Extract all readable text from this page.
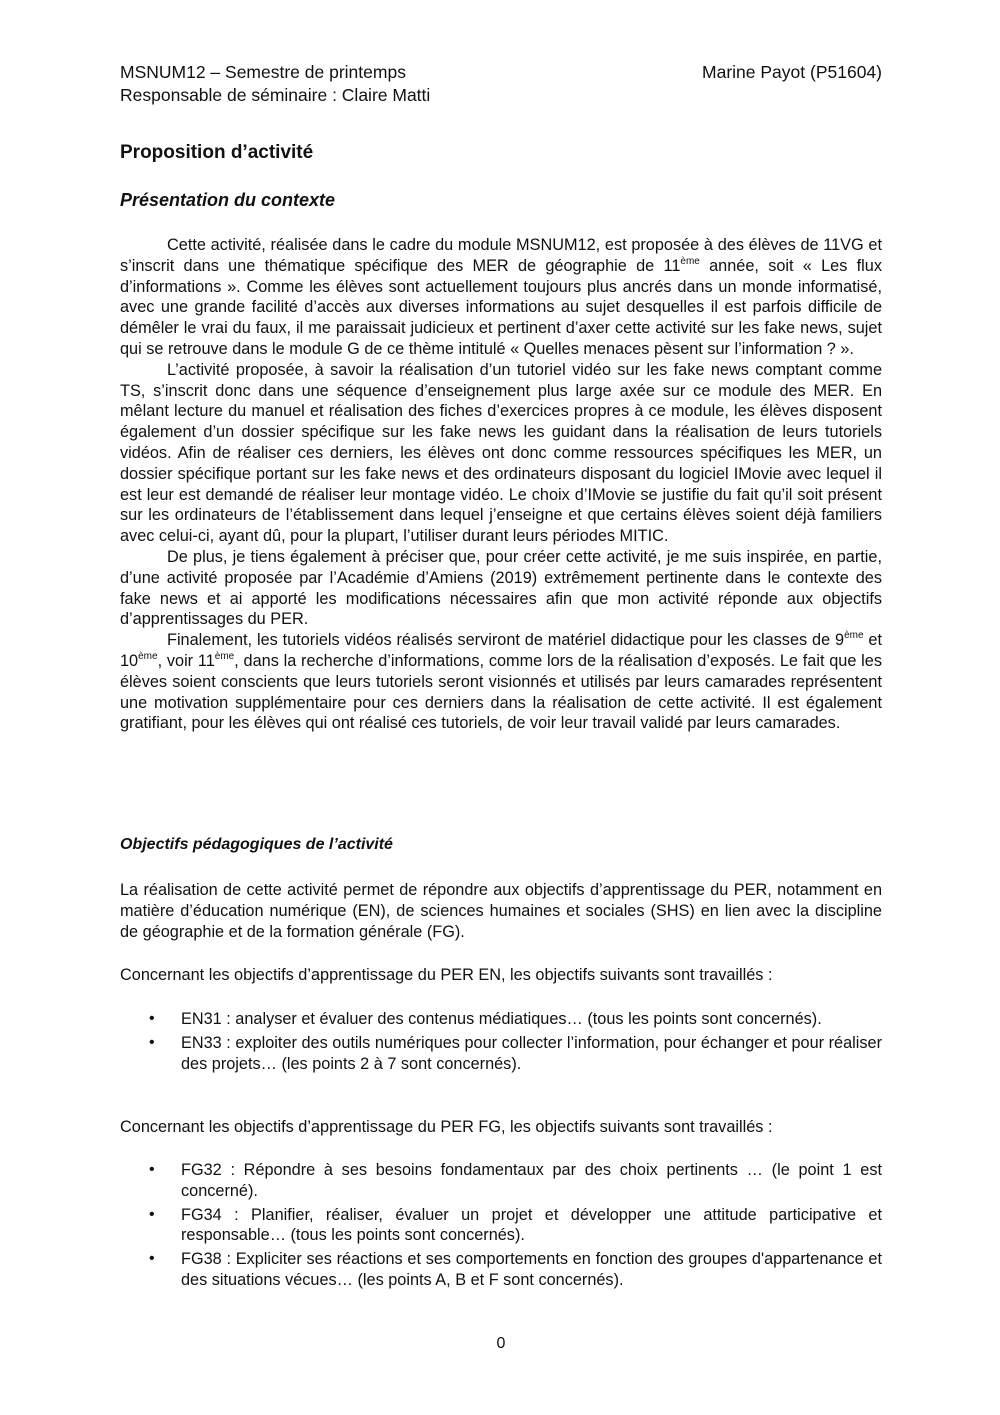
MSNUM12 – Semestre de printemps
Responsable de séminaire : Claire Matti
Marine Payot (P51604)
Proposition d’activité
Présentation du contexte

Cette activité, réalisée dans le cadre du module MSNUM12, est proposée à des élèves de 11VG et s’inscrit dans une thématique spécifique des MER de géographie de 11ème année, soit « Les flux d’informations ». Comme les élèves sont actuellement toujours plus ancrés dans un monde informatisé, avec une grande facilité d’accès aux diverses informations au sujet desquelles il est parfois difficile de démêler le vrai du faux, il me paraissait judicieux et pertinent d’axer cette activité sur les fake news, sujet qui se retrouve dans le module G de ce thème intitulé « Quelles menaces pèsent sur l’information ? ».

L’activité proposée, à savoir la réalisation d’un tutoriel vidéo sur les fake news comptant comme TS, s’inscrit donc dans une séquence d’enseignement plus large axée sur ce module des MER. En mêlant lecture du manuel et réalisation des fiches d’exercices propres à ce module, les élèves disposent également d’un dossier spécifique sur les fake news les guidant dans la réalisation de leurs tutoriels vidéos. Afin de réaliser ces derniers, les élèves ont donc comme ressources spécifiques les MER, un dossier spécifique portant sur les fake news et des ordinateurs disposant du logiciel IMovie avec lequel il est leur est demandé de réaliser leur montage vidéo. Le choix d’IMovie se justifie du fait qu’il soit présent sur les ordinateurs de l’établissement dans lequel j’enseigne et que certains élèves soient déjà familiers avec celui-ci, ayant dû, pour la plupart, l’utiliser durant leurs périodes MITIC.

De plus, je tiens également à préciser que, pour créer cette activité, je me suis inspirée, en partie, d’une activité proposée par l’Académie d’Amiens (2019) extrêmement pertinente dans le contexte des fake news et ai apporté les modifications nécessaires afin que mon activité réponde aux objectifs d’apprentissages du PER.

Finalement, les tutoriels vidéos réalisés serviront de matériel didactique pour les classes de 9ème et 10ème, voir 11ème, dans la recherche d’informations, comme lors de la réalisation d’exposés. Le fait que les élèves soient conscients que leurs tutoriels seront visionnés et utilisés par leurs camarades représentent une motivation supplémentaire pour ces derniers dans la réalisation de cette activité. Il est également gratifiant, pour les élèves qui ont réalisé ces tutoriels, de voir leur travail validé par leurs camarades.

Objectifs pédagogiques de l’activité

La réalisation de cette activité permet de répondre aux objectifs d’apprentissage du PER, notamment en matière d’éducation numérique (EN), de sciences humaines et sociales (SHS) en lien avec la discipline de géographie et de la formation générale (FG).

Concernant les objectifs d’apprentissage du PER EN, les objectifs suivants sont travaillés :

• EN31 : analyser et évaluer des contenus médiatiques… (tous les points sont concernés).
• EN33 : exploiter des outils numériques pour collecter l’information, pour échanger et pour réaliser des projets… (les points 2 à 7 sont concernés).

Concernant les objectifs d’apprentissage du PER FG, les objectifs suivants sont travaillés :

• FG32 : Répondre à ses besoins fondamentaux par des choix pertinents … (le point 1 est concerné).
• FG34 : Planifier, réaliser, évaluer un projet et développer une attitude participative et responsable… (tous les points sont concernés).
• FG38 : Expliciter ses réactions et ses comportements en fonction des groupes d'appartenance et des situations vécues… (les points A, B et F sont concernés).
0
